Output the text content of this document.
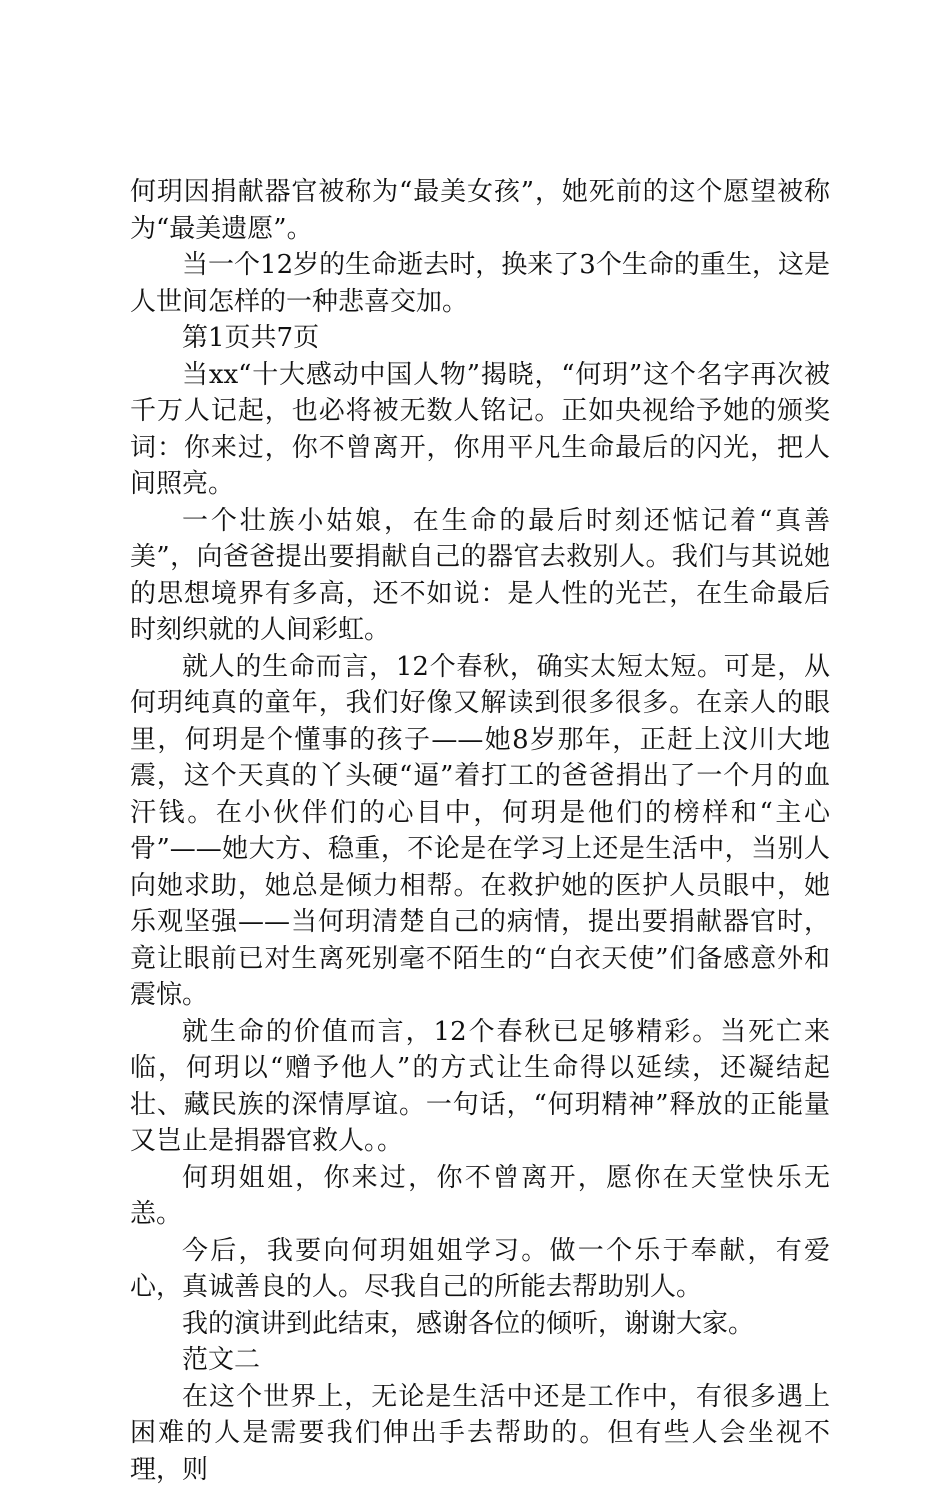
何玥因捐献器官被称为“最美女孩”，她死前的这个愿望被称为“最美遗愿”。

当一个12岁的生命逝去时，换来了3个生命的重生，这是人世间怎样的一种悲喜交加。

第1页共7页

当xx“十大感动中国人物”揭晓，“何玥”这个名字再次被千万人记起，也必将被无数人铭记。正如央视给予她的颁奖词：你来过，你不曾离开，你用平凡生命最后的闪光，把人间照亮。

一个壮族小姑娘，在生命的最后时刻还惦记着“真善美”，向爸爸提出要捐献自己的器官去救别人。我们与其说她的思想境界有多高，还不如说：是人性的光芒，在生命最后时刻织就的人间彩虹。

就人的生命而言，12个春秋，确实太短太短。可是，从何玥纯真的童年，我们好像又解读到很多很多。在亲人的眼里，何玥是个懂事的孩子——她8岁那年，正赶上汶川大地震，这个天真的丫头硬“逼”着打工的爸爸捐出了一个月的血汗钱。在小伙伴们的心目中，何玥是他们的榜样和“主心骨”——她大方、稳重，不论是在学习上还是生活中，当别人向她求助，她总是倾力相帮。在救护她的医护人员眼中，她乐观坚强——当何玥清楚自己的病情，提出要捐献器官时，竟让眼前已对生离死别毫不陌生的“白衣天使”们备感意外和震惊。

就生命的价值而言，12个春秋已足够精彩。当死亡来临，何玥以“赠予他人”的方式让生命得以延续，还凝结起壮、藏民族的深情厚谊。一句话，“何玥精神”释放的正能量又岂止是捐器官救人。。

何玥姐姐，你来过，你不曾离开，愿你在天堂快乐无恙。

今后，我要向何玥姐姐学习。做一个乐于奉献，有爱心，真诚善良的人。尽我自己的所能去帮助别人。

我的演讲到此结束，感谢各位的倾听，谢谢大家。

范文二

在这个世界上，无论是生活中还是工作中，有很多遇上困难的人是需要我们伸出手去帮助的。但有些人会坐视不理，则
